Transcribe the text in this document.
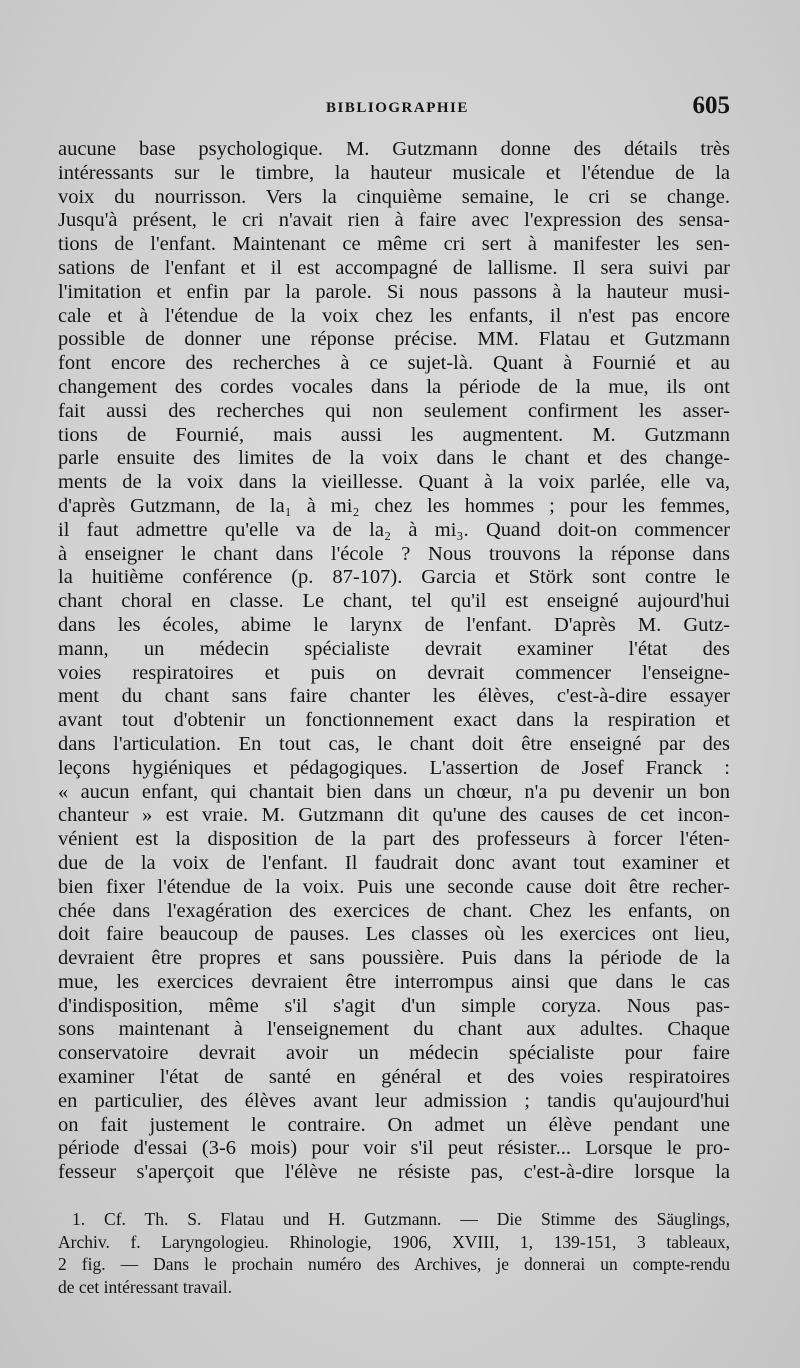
BIBLIOGRAPHIE	605
aucune base psychologique. M. Gutzmann donne des détails très
intéressants sur le timbre, la hauteur musicale et l'étendue de la
voix du nourrisson. Vers la cinquième semaine, le cri se change.
Jusqu'à présent, le cri n'avait rien à faire avec l'expression des sensa-
tions de l'enfant. Maintenant ce même cri sert à manifester les sen-
sations de l'enfant et il est accompagné de lallisme. Il sera suivi par
l'imitation et enfin par la parole. Si nous passons à la hauteur musi-
cale et à l'étendue de la voix chez les enfants, il n'est pas encore
possible de donner une réponse précise. MM. Flatau et Gutzmann
font encore des recherches à ce sujet-là. Quant à Fournié et au
changement des cordes vocales dans la période de la mue, ils ont
fait aussi des recherches qui non seulement confirment les asser-
tions de Fournié, mais aussi les augmentent. M. Gutzmann
parle ensuite des limites de la voix dans le chant et des change-
ments de la voix dans la vieillesse. Quant à la voix parlée, elle va,
d'après Gutzmann, de la₁ à mi₂ chez les hommes ; pour les femmes,
il faut admettre qu'elle va de la₂ à mi₃. Quand doit-on commencer
à enseigner le chant dans l'école ? Nous trouvons la réponse dans
la huitième conférence (p. 87-107). Garcia et Störk sont contre le
chant choral en classe. Le chant, tel qu'il est enseigné aujourd'hui
dans les écoles, abime le larynx de l'enfant. D'après M. Gutz-
mann, un médecin spécialiste devrait examiner l'état des
voies respiratoires et puis on devrait commencer l'enseigne-
ment du chant sans faire chanter les élèves, c'est-à-dire essayer
avant tout d'obtenir un fonctionnement exact dans la respiration et
dans l'articulation. En tout cas, le chant doit être enseigné par des
leçons hygiéniques et pédagogiques. L'assertion de Josef Franck :
« aucun enfant, qui chantait bien dans un chœur, n'a pu devenir un bon
chanteur » est vraie. M. Gutzmann dit qu'une des causes de cet incon-
vénient est la disposition de la part des professeurs à forcer l'éten-
due de la voix de l'enfant. Il faudrait donc avant tout examiner et
bien fixer l'étendue de la voix. Puis une seconde cause doit être recher-
chée dans l'exagération des exercices de chant. Chez les enfants, on
doit faire beaucoup de pauses. Les classes où les exercices ont lieu,
devraient être propres et sans poussière. Puis dans la période de la
mue, les exercices devraient être interrompus ainsi que dans le cas
d'indisposition, même s'il s'agit d'un simple coryza. Nous pas-
sons maintenant à l'enseignement du chant aux adultes. Chaque
conservatoire devrait avoir un médecin spécialiste pour faire
examiner l'état de santé en général et des voies respiratoires
en particulier, des élèves avant leur admission ; tandis qu'aujourd'hui
on fait justement le contraire. On admet un élève pendant une
période d'essai (3-6 mois) pour voir s'il peut résister... Lorsque le pro-
fesseur s'aperçoit que l'élève ne résiste pas, c'est-à-dire lorsque la
1. Cf. Th. S. Flatau und H. Gutzmann. — Die Stimme des Säuglings,
Archiv. f. Laryngologieu. Rhinologie, 1906, XVIII, 1, 139-151, 3 tableaux,
2 fig. — Dans le prochain numéro des Archives, je donnerai un compte-rendu
de cet intéressant travail.
